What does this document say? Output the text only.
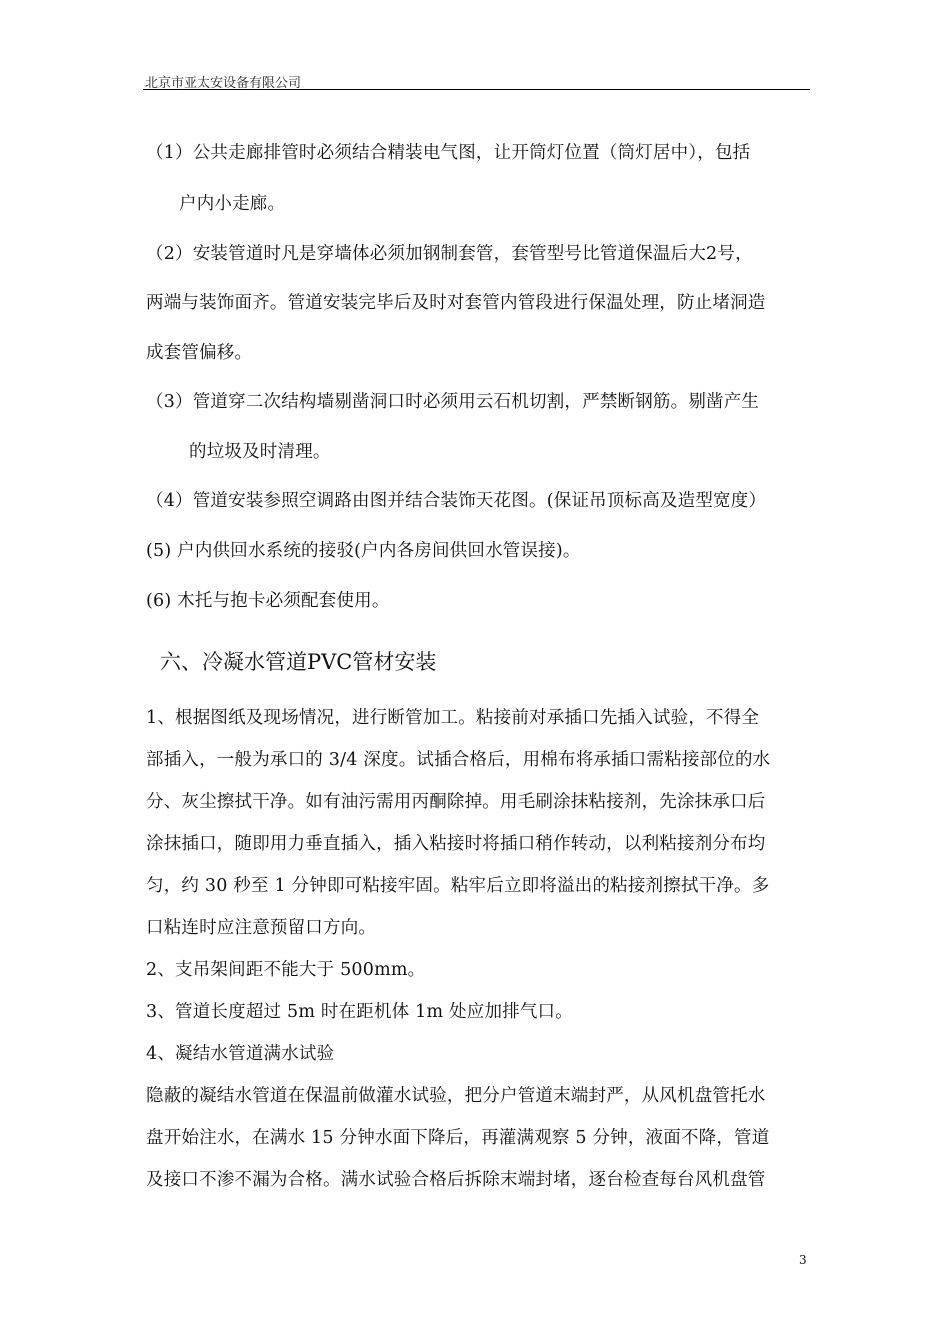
北京市亚太安设备有限公司
（1）公共走廊排管时必须结合精装电气图，让开筒灯位置（筒灯居中），包括
户内小走廊。
（2）安装管道时凡是穿墙体必须加钢制套管，套管型号比管道保温后大2号，
两端与装饰面齐。管道安装完毕后及时对套管内管段进行保温处理，防止堵洞造
成套管偏移。
（3）管道穿二次结构墙剔凿洞口时必须用云石机切割，严禁断钢筋。剔凿产生
的垃圾及时清理。
（4）管道安装参照空调路由图并结合装饰天花图。(保证吊顶标高及造型宽度）
(5) 户内供回水系统的接驳(户内各房间供回水管误接)。
(6) 木托与抱卡必须配套使用。
六、冷凝水管道PVC管材安装
1、根据图纸及现场情况，进行断管加工。粘接前对承插口先插入试验，不得全
部插入，一般为承口的 3/4 深度。试插合格后，用棉布将承插口需粘接部位的水
分、灰尘擦拭干净。如有油污需用丙酮除掉。用毛刷涂抹粘接剂，先涂抹承口后
涂抹插口，随即用力垂直插入，插入粘接时将插口稍作转动，以利粘接剂分布均
匀，约 30 秒至 1 分钟即可粘接牢固。粘牢后立即将溢出的粘接剂擦拭干净。多
口粘连时应注意预留口方向。
2、支吊架间距不能大于 500mm。
3、管道长度超过 5m 时在距机体 1m 处应加排气口。
4、凝结水管道满水试验
隐蔽的凝结水管道在保温前做灌水试验，把分户管道末端封严，从风机盘管托水
盘开始注水，在满水 15 分钟水面下降后，再灌满观察 5 分钟，液面不降，管道
及接口不渗不漏为合格。满水试验合格后拆除末端封堵，逐台检查每台风机盘管
3
